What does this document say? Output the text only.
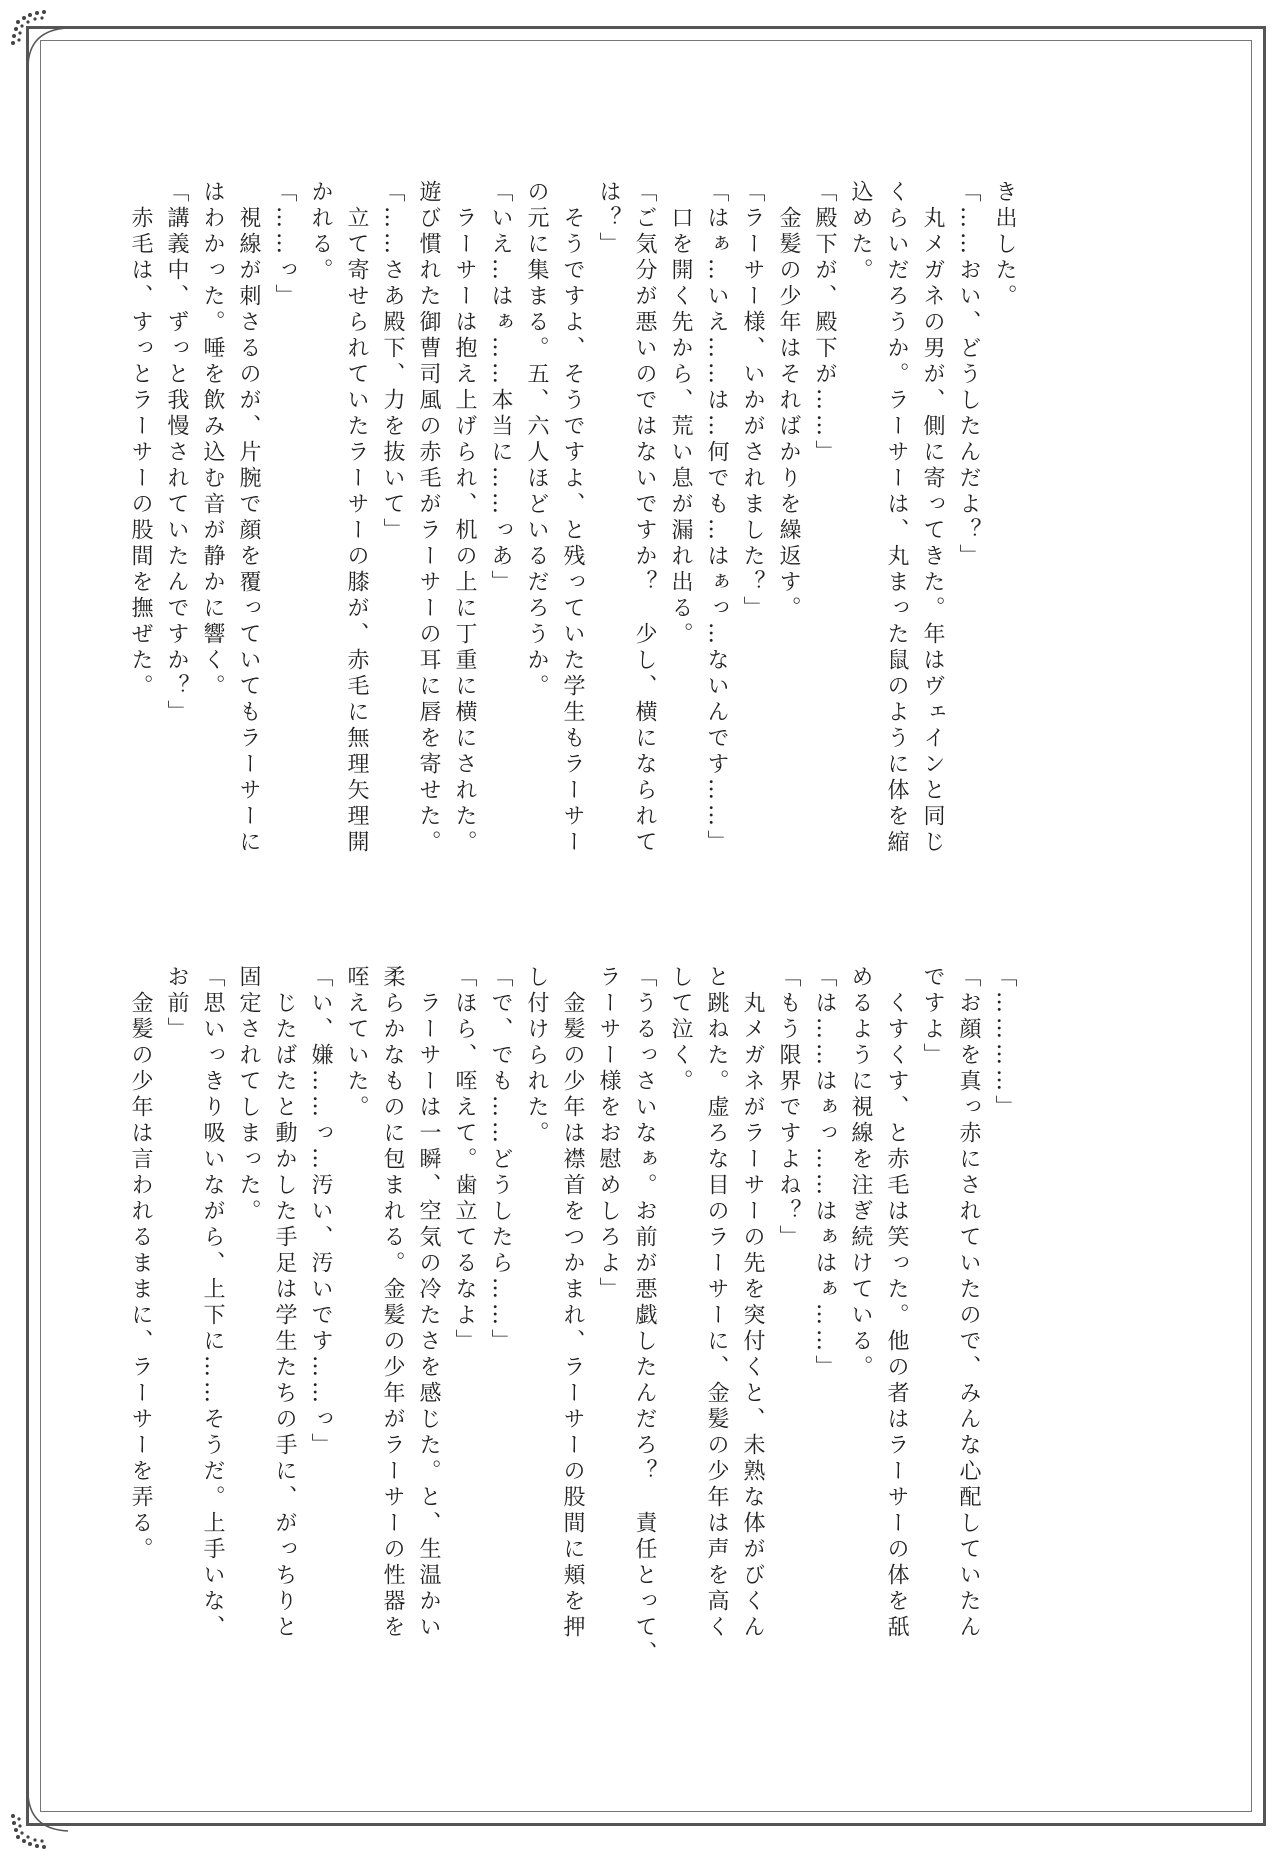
き出した。
「……おい、どうしたんだよ？」
　丸メガネの男が、側に寄ってきた。年はヴェインと同じ
くらいだろうか。ラーサーは、丸まった鼠のように体を縮
込めた。
「殿下が、殿下が……」
　金髪の少年はそればかりを繰返す。
「ラーサー様、いかがされました？」
「はぁ…いえ……は…何でも…はぁっ…ないんです……」
　口を開く先から、荒い息が漏れ出る。
「ご気分が悪いのではないですか？　少し、横になられて
は？」
　そうですよ、そうですよ、と残っていた学生もラーサー
の元に集まる。五、六人ほどいるだろうか。
「いえ…はぁ……本当に……っあ」
　ラーサーは抱え上げられ、机の上に丁重に横にされた。
遊び慣れた御曹司風の赤毛がラーサーの耳に唇を寄せた。
「……さあ殿下、力を抜いて」
　立て寄せられていたラーサーの膝が、赤毛に無理矢理開
かれる。
「……っ」
　視線が刺さるのが、片腕で顔を覆っていてもラーサーに
はわかった。唾を飲み込む音が静かに響く。
「講義中、ずっと我慢されていたんですか？」
　赤毛は、すっとラーサーの股間を撫ぜた。
「…………」
「お顔を真っ赤にされていたので、みんな心配していたん
ですよ」
　くすくす、と赤毛は笑った。他の者はラーサーの体を舐
めるように視線を注ぎ続けている。
「は……はぁっ……はぁはぁ……」
「もう限界ですよね？」
　丸メガネがラーサーの先を突付くと、未熟な体がびくん
と跳ねた。虚ろな目のラーサーに、金髪の少年は声を高く
して泣く。
「うるっさいなぁ。お前が悪戯したんだろ？　責任とって、
ラーサー様をお慰めしろよ」
　金髪の少年は襟首をつかまれ、ラーサーの股間に頬を押
し付けられた。
「で、でも……どうしたら……」
「ほら、咥えて。歯立てるなよ」
　ラーサーは一瞬、空気の冷たさを感じた。と、生温かい
柔らかなものに包まれる。金髪の少年がラーサーの性器を
咥えていた。
「い、嫌……っ…汚い、汚いです……っ」
　じたばたと動かした手足は学生たちの手に、がっちりと
固定されてしまった。
「思いっきり吸いながら、上下に……そうだ。上手いな、
お前」
　金髪の少年は言われるままに、ラーサーを弄る。
